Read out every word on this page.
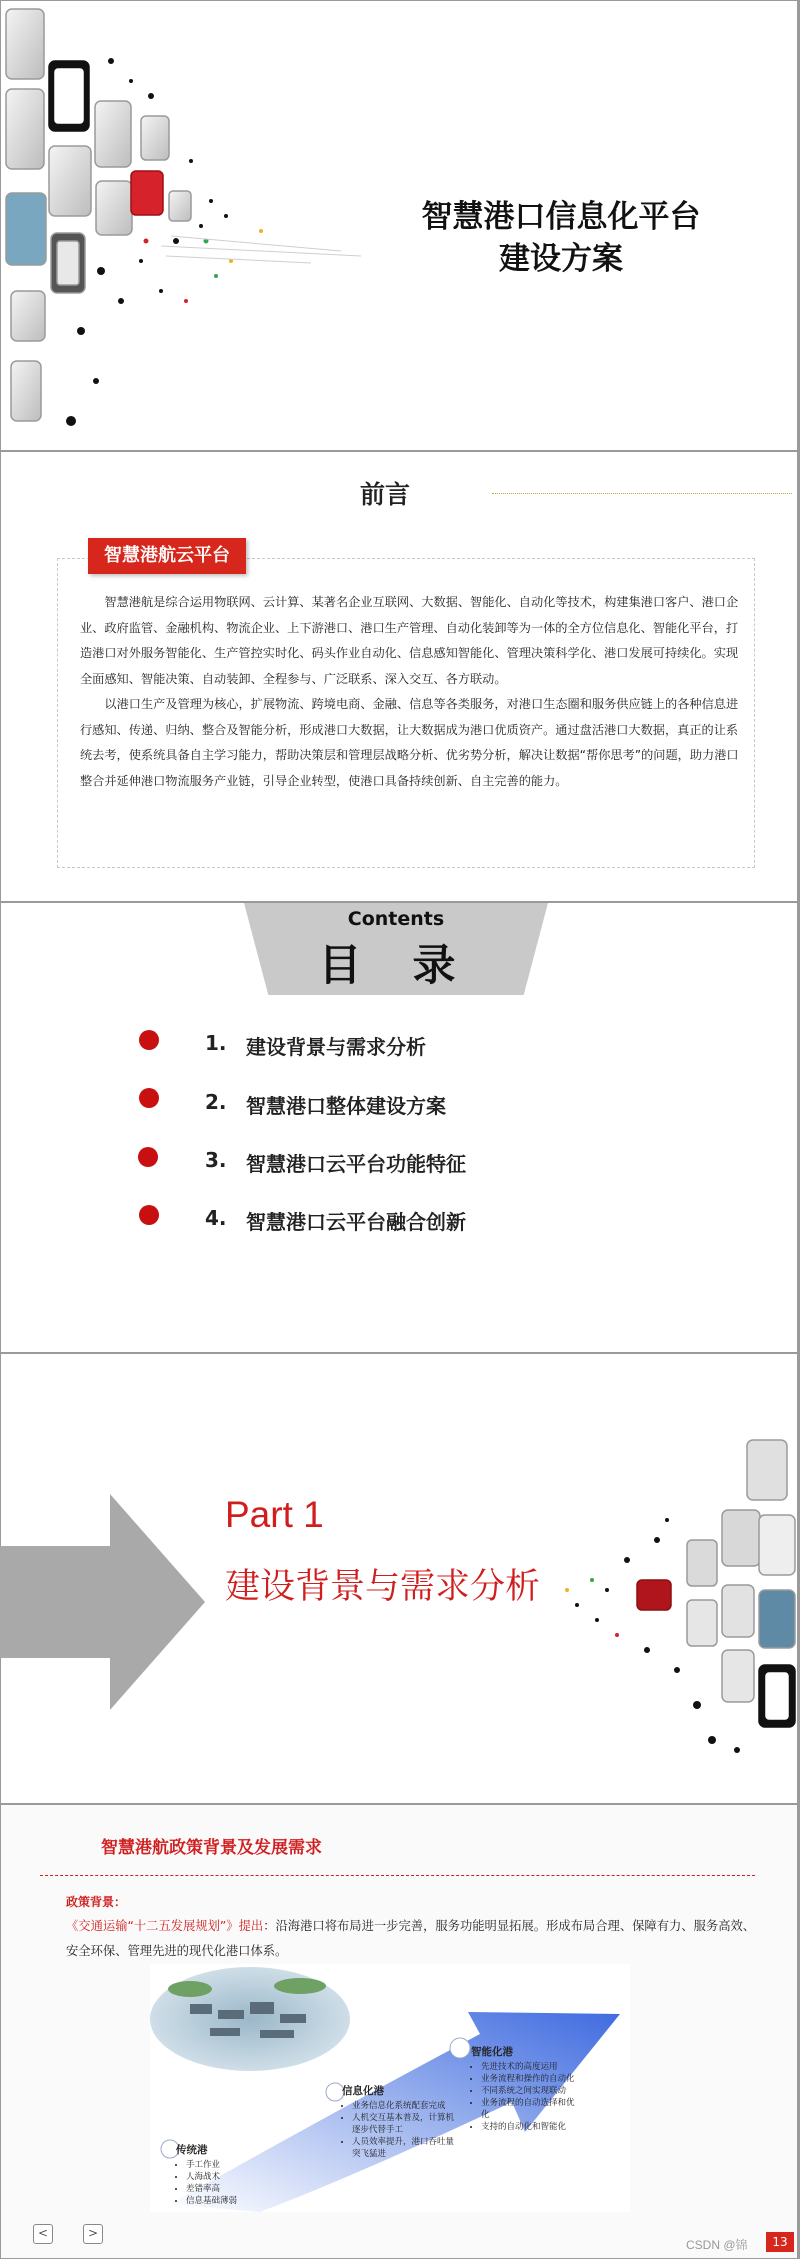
智慧港口信息化平台
建设方案
前言
智慧港航云平台

智慧港航是综合运用物联网、云计算、某著名企业互联网、大数据、智能化、自动化等技术，构建集港口客户、港口企业、政府监管、金融机构、物流企业、上下游港口、港口生产管理、自动化装卸等为一体的全方位信息化、智能化平台，打造港口对外服务智能化、生产管控实时化、码头作业自动化、信息感知智能化、管理决策科学化、港口发展可持续化。实现全面感知、智能决策、自动装卸、全程参与、广泛联系、深入交互、各方联动。

以港口生产及管理为核心，扩展物流、跨境电商、金融、信息等各类服务，对港口生态圈和服务供应链上的各种信息进行感知、传递、归纳、整合及智能分析，形成港口大数据，让大数据成为港口优质资产。通过盘活港口大数据，真正的让系统去考，使系统具备自主学习能力，帮助决策层和管理层战略分析、优劣势分析，解决让数据“帮你思考”的问题，助力港口整合并延伸港口物流服务产业链，引导企业转型，使港口具备持续创新、自主完善的能力。

Contents
目 录
1. 建设背景与需求分析
2. 智慧港口整体建设方案
3. 智慧港口云平台功能特征
4. 智慧港口云平台融合创新
Part 1
建设背景与需求分析
智慧港航政策背景及发展需求
政策背景：
《交通运输“十二五发展规划”》提出：沿海港口将布局进一步完善，服务功能明显拓展。形成布局合理、保障有力、服务高效、安全环保、管理先进的现代化港口体系。
传统港
• 手工作业
• 人海战术
• 差错率高
• 信息基础薄弱
信息化港
• 业务信息化系统配套完成
• 人机交互基本普及，计算机逐步代替手工
• 人员效率提升，港口吞吐量突飞猛进
智能化港
• 先进技术的高度运用
• 业务流程和操作的自动化
• 不同系统之间实现联动
• 业务流程的自动选择和优化
• 支持的自动化和智能化
<	>
CSDN @锦	13
